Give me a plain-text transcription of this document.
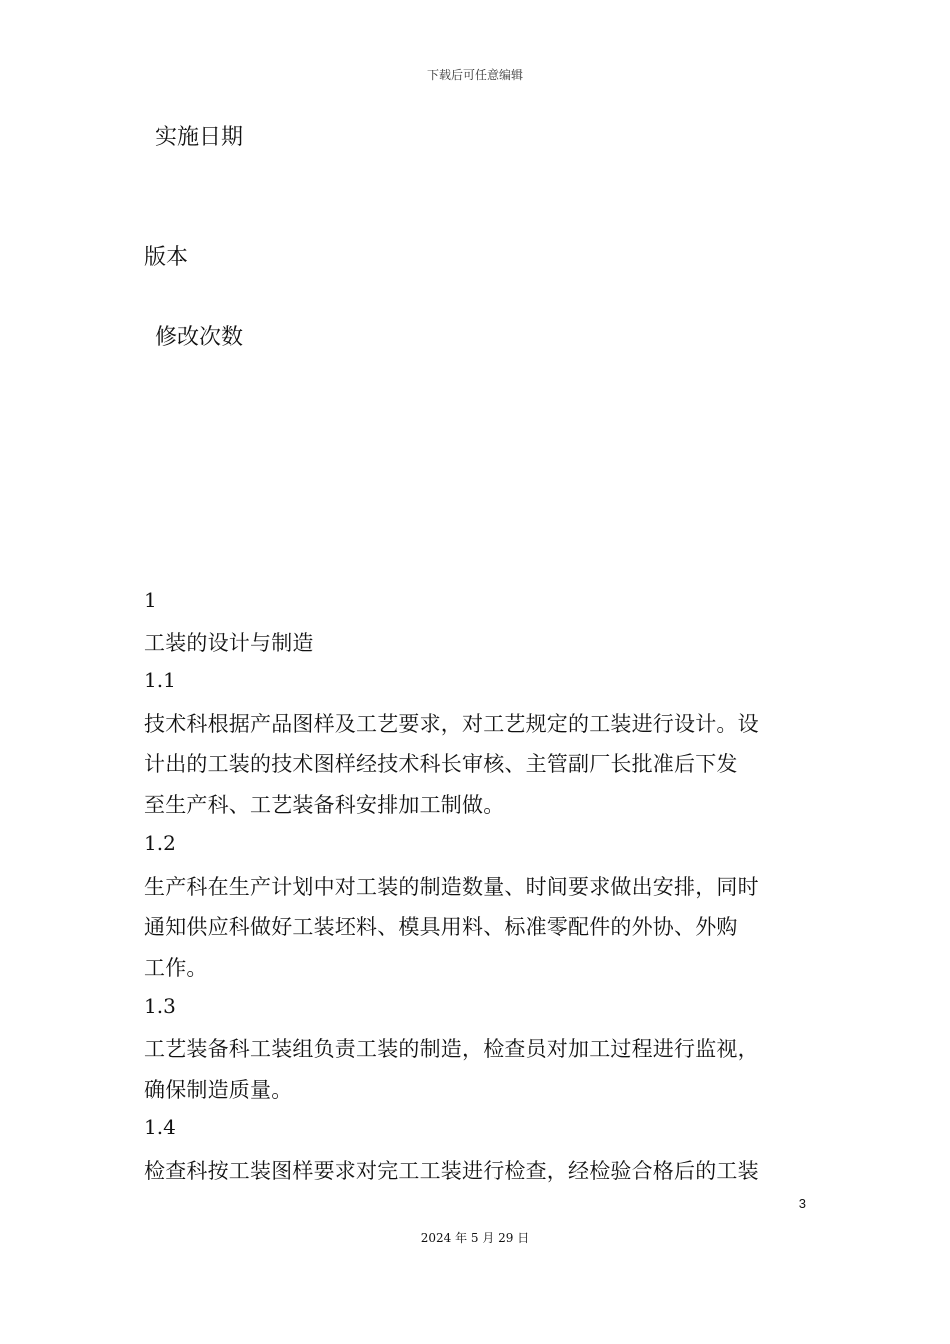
下载后可任意编辑
实施日期
版本
修改次数
1
工装的设计与制造
1.1
技术科根据产品图样及工艺要求，对工艺规定的工装进行设计。设
计出的工装的技术图样经技术科长审核、主管副厂长批准后下发
至生产科、工艺装备科安排加工制做。
1.2
生产科在生产计划中对工装的制造数量、时间要求做出安排，同时
通知供应科做好工装坯料、模具用料、标准零配件的外协、外购
工作。
1.3
工艺装备科工装组负责工装的制造，检查员对加工过程进行监视，
确保制造质量。
1.4
检查科按工装图样要求对完工工装进行检查，经检验合格后的工装
3
2024 年 5 月 29 日
